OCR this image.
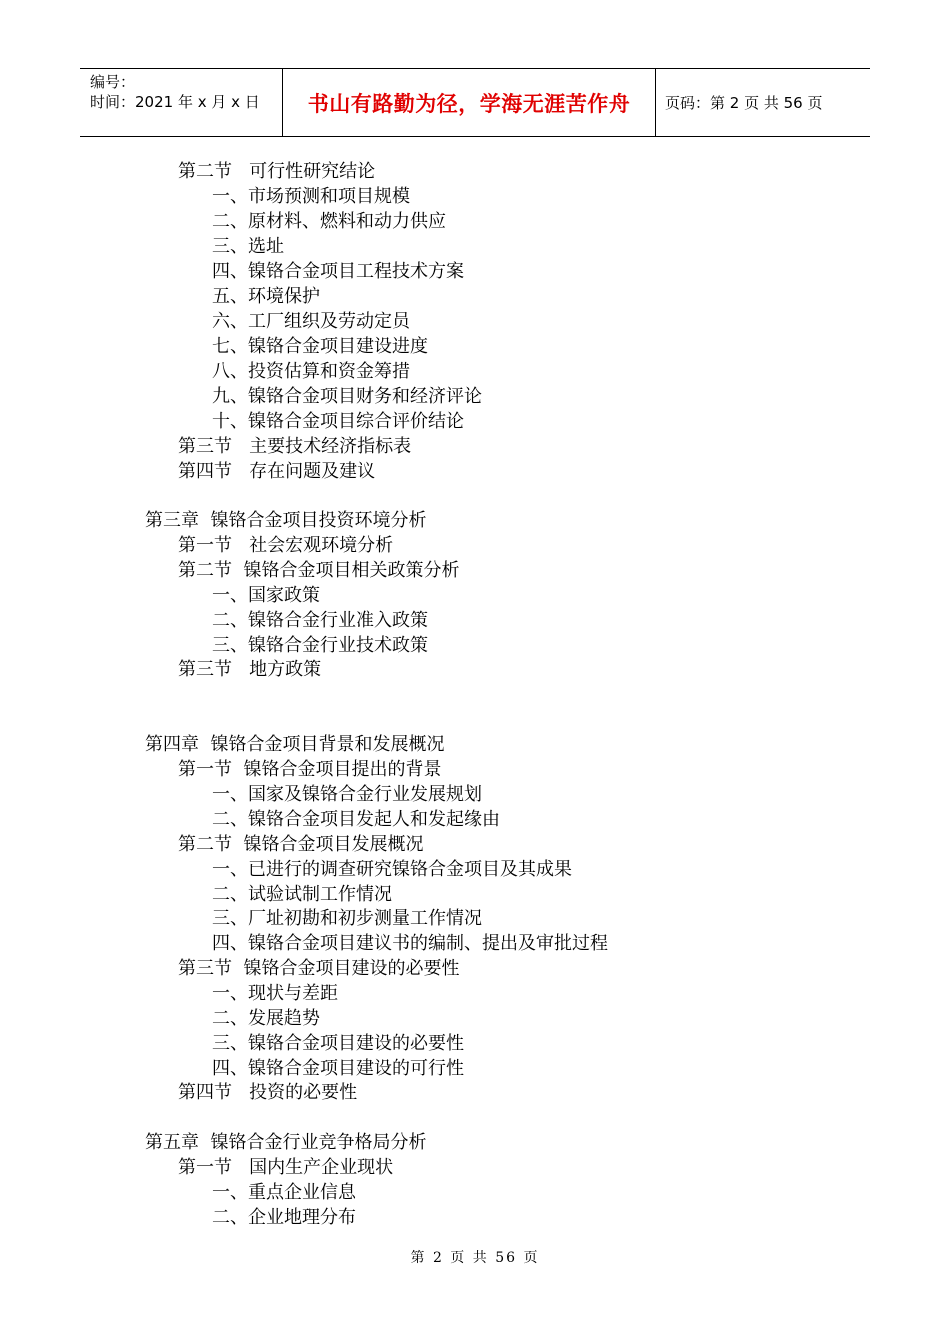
编号：
时间：2021 年 x 月 x 日 书山有路勤为径，学海无涯苦作舟 页码：第 2 页 共 56 页
第二节   可行性研究结论
一、市场预测和项目规模
二、原材料、燃料和动力供应
三、选址
四、镍铬合金项目工程技术方案
五、环境保护
六、工厂组织及劳动定员
七、镍铬合金项目建设进度
八、投资估算和资金筹措
九、镍铬合金项目财务和经济评论
十、镍铬合金项目综合评价结论
第三节   主要技术经济指标表
第四节   存在问题及建议
第三章  镍铬合金项目投资环境分析
第一节   社会宏观环境分析
第二节  镍铬合金项目相关政策分析
一、国家政策
二、镍铬合金行业准入政策
三、镍铬合金行业技术政策
第三节   地方政策
第四章  镍铬合金项目背景和发展概况
第一节  镍铬合金项目提出的背景
一、国家及镍铬合金行业发展规划
二、镍铬合金项目发起人和发起缘由
第二节  镍铬合金项目发展概况
一、已进行的调查研究镍铬合金项目及其成果
二、试验试制工作情况
三、厂址初勘和初步测量工作情况
四、镍铬合金项目建议书的编制、提出及审批过程
第三节  镍铬合金项目建设的必要性
一、现状与差距
二、发展趋势
三、镍铬合金项目建设的必要性
四、镍铬合金项目建设的可行性
第四节   投资的必要性
第五章  镍铬合金行业竞争格局分析
第一节   国内生产企业现状
一、重点企业信息
二、企业地理分布
第 2 页 共 56 页
